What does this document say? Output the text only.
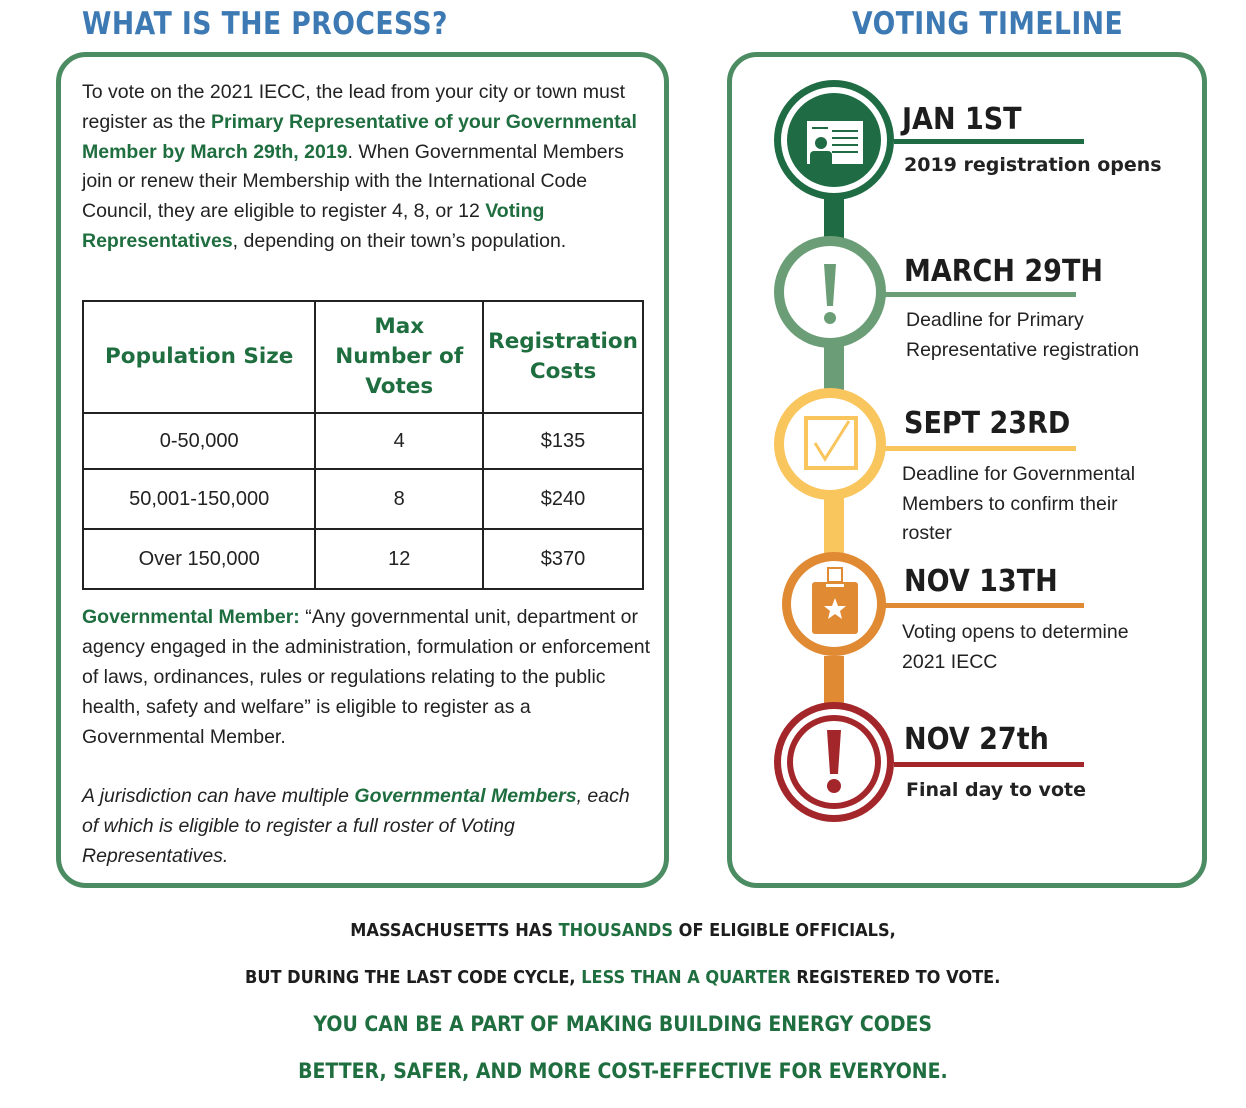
WHAT IS THE PROCESS?	VOTING TIMELINE

To vote on the 2021 IECC, the lead from your city or town must register as the Primary Representative of your Governmental Member by March 29th, 2019. When Governmental Members join or renew their Membership with the International Code Council, they are eligible to register 4, 8, or 12 Voting Representatives, depending on their town’s population.

Population Size	Max Number of Votes	Registration Costs
0-50,000	4	$135
50,001-150,000	8	$240
Over 150,000	12	$370

Governmental Member: “Any governmental unit, department or agency engaged in the administration, formulation or enforcement of laws, ordinances, rules or regulations relating to the public health, safety and welfare” is eligible to register as a Governmental Member.

A jurisdiction can have multiple Governmental Members, each of which is eligible to register a full roster of Voting Representatives.

JAN 1ST
2019 registration opens
MARCH 29TH
Deadline for Primary Representative registration
SEPT 23RD
Deadline for Governmental Members to confirm their roster
NOV 13TH
Voting opens to determine 2021 IECC
NOV 27th
Final day to vote
MASSACHUSETTS HAS THOUSANDS OF ELIGIBLE OFFICIALS,
BUT DURING THE LAST CODE CYCLE, LESS THAN A QUARTER REGISTERED TO VOTE.
YOU CAN BE A PART OF MAKING BUILDING ENERGY CODES
BETTER, SAFER, AND MORE COST-EFFECTIVE FOR EVERYONE.
